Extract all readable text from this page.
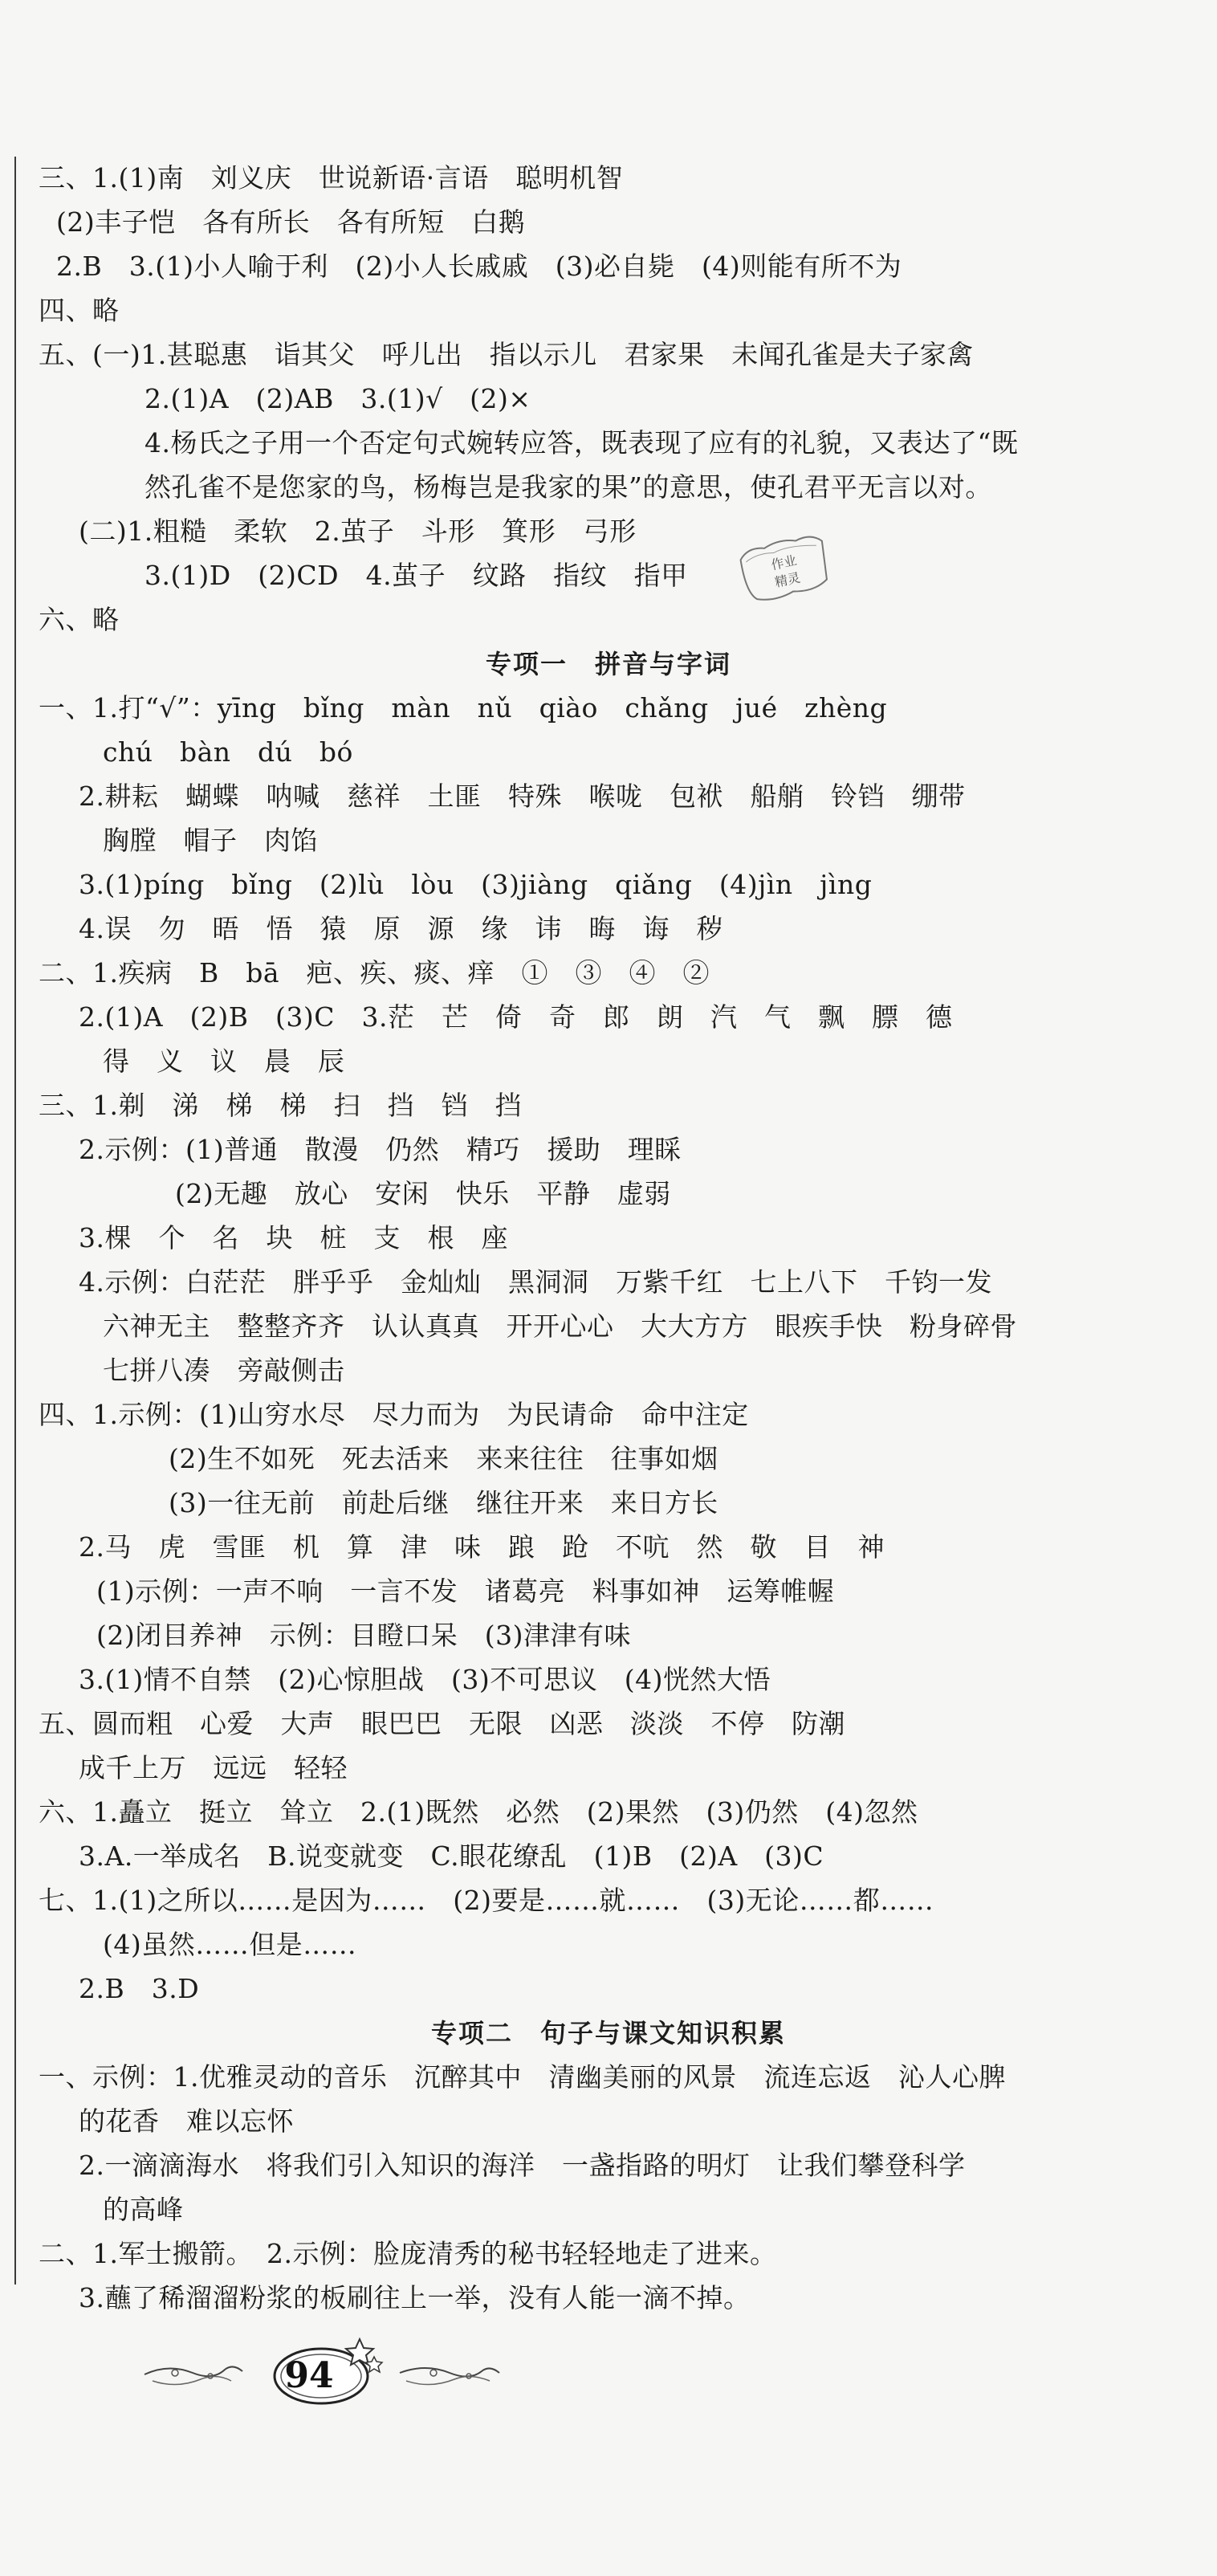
三、1.(1)南　刘义庆　世说新语·言语　聪明机智
(2)丰子恺　各有所长　各有所短　白鹅
2.B　3.(1)小人喻于利　(2)小人长戚戚　(3)必自毙　(4)则能有所不为
四、略
五、(一)1.甚聪惠　诣其父　呼儿出　指以示儿　君家果　未闻孔雀是夫子家禽
2.(1)A　(2)AB　3.(1)√　(2)×
4.杨氏之子用一个否定句式婉转应答，既表现了应有的礼貌，又表达了“既
然孔雀不是您家的鸟，杨梅岂是我家的果”的意思，使孔君平无言以对。
(二)1.粗糙　柔软　2.茧子　斗形　箕形　弓形
3.(1)D　(2)CD　4.茧子　纹路　指纹　指甲
六、略
一、1.打“√”：yīng　bǐng　màn　nǔ　qiào　chǎng　jué　zhèng
chú　bàn　dú　bó
2.耕耘　蝴蝶　呐喊　慈祥　土匪　特殊　喉咙　包袱　船艄　铃铛　绷带
胸膛　帽子　肉馅
3.(1)píng　bǐng　(2)lù　lòu　(3)jiàng　qiǎng　(4)jìn　jìng
4.误　勿　晤　悟　猿　原　源　缘　讳　晦　诲　秽
二、1.疾病　B　bā　疤、疾、痰、痒　①　③　④　②
2.(1)A　(2)B　(3)C　3.茫　芒　倚　奇　郎　朗　汽　气　飘　膘　德
得　义　议　晨　辰
三、1.剃　涕　梯　梯　扫　挡　铛　挡
2.示例：(1)普通　散漫　仍然　精巧　援助　理睬
(2)无趣　放心　安闲　快乐　平静　虚弱
3.棵　个　名　块　桩　支　根　座
4.示例：白茫茫　胖乎乎　金灿灿　黑洞洞　万紫千红　七上八下　千钧一发
六神无主　整整齐齐　认认真真　开开心心　大大方方　眼疾手快　粉身碎骨
七拼八凑　旁敲侧击
四、1.示例：(1)山穷水尽　尽力而为　为民请命　命中注定
(2)生不如死　死去活来　来来往往　往事如烟
(3)一往无前　前赴后继　继往开来　来日方长
2.马　虎　雪匪　机　算　津　味　踉　跄　不吭　然　敬　目　神
(1)示例：一声不响　一言不发　诸葛亮　料事如神　运筹帷幄
(2)闭目养神　示例：目瞪口呆　(3)津津有味
3.(1)情不自禁　(2)心惊胆战　(3)不可思议　(4)恍然大悟
五、圆而粗　心爱　大声　眼巴巴　无限　凶恶　淡淡　不停　防潮
成千上万　远远　轻轻
六、1.矗立　挺立　耸立　2.(1)既然　必然　(2)果然　(3)仍然　(4)忽然
3.A.一举成名　B.说变就变　C.眼花缭乱　(1)B　(2)A　(3)C
七、1.(1)之所以……是因为……　(2)要是……就……　(3)无论……都……
(4)虽然……但是……
2.B　3.D
一、示例：1.优雅灵动的音乐　沉醉其中　清幽美丽的风景　流连忘返　沁人心脾
的花香　难以忘怀
2.一滴滴海水　将我们引入知识的海洋　一盏指路的明灯　让我们攀登科学
的高峰
二、1.军士搬箭。　2.示例：脸庞清秀的秘书轻轻地走了进来。
3.蘸了稀溜溜粉浆的板刷往上一举，没有人能一滴不掉。
专项一　拼音与字词
专项二　句子与课文知识积累
作业
精灵
94
